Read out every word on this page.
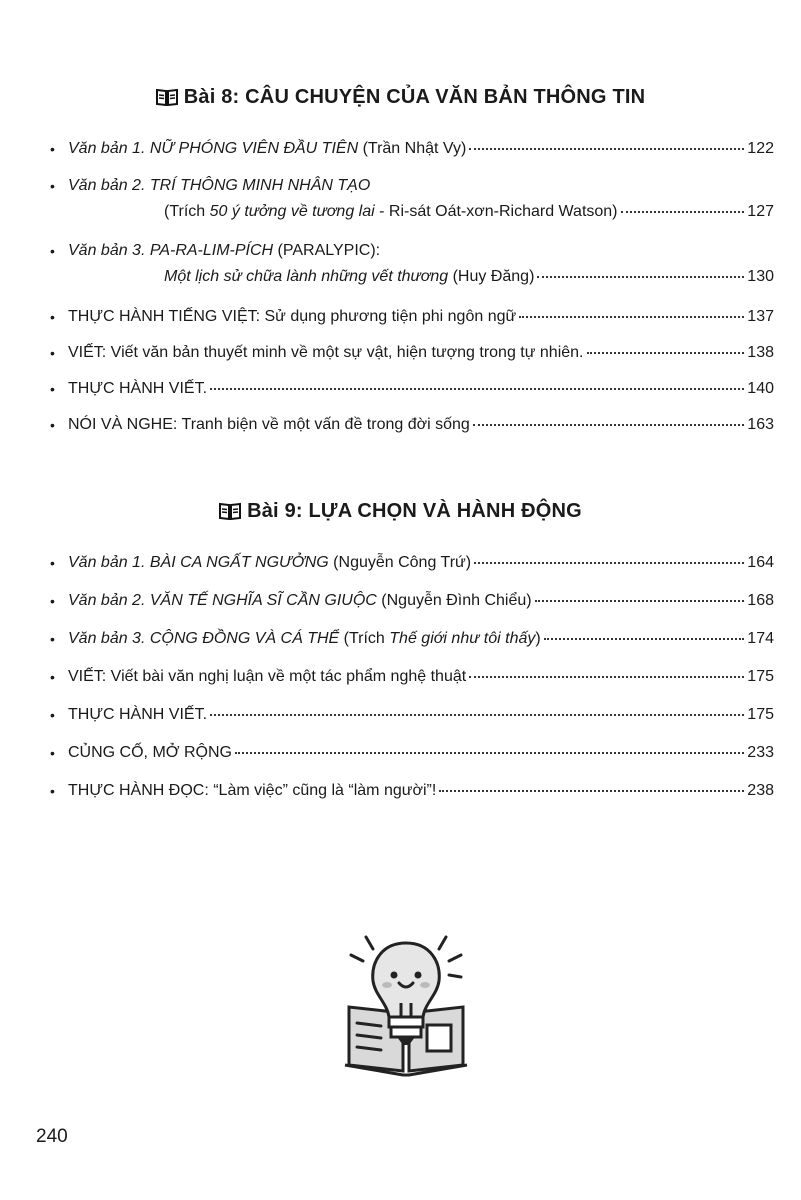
Bài 8: CÂU CHUYỆN CỦA VĂN BẢN THÔNG TIN
• Văn bản 1. NỮ PHÓNG VIÊN ĐẦU TIÊN (Trần Nhật Vy)	122
• Văn bản 2. TRÍ THÔNG MINH NHÂN TẠO
(Trích 50 ý tưởng về tương lai - Ri-sát Oát-xơn-Richard Watson)	127
• Văn bản 3. PA-RA-LIM-PÍCH (PARALYPIC):
Một lịch sử chữa lành những vết thương (Huy Đăng)	130
• THỰC HÀNH TIẾNG VIỆT: Sử dụng phương tiện phi ngôn ngữ	137
• VIẾT: Viết văn bản thuyết minh về một sự vật, hiện tượng trong tự nhiên.	138
• THỰC HÀNH VIẾT.	140
• NÓI VÀ NGHE: Tranh biện về một vấn đề trong đời sống	163
Bài 9: LỰA CHỌN VÀ HÀNH ĐỘNG
• Văn bản 1. BÀI CA NGẤT NGƯỞNG (Nguyễn Công Trứ)	164
• Văn bản 2. VĂN TẾ NGHĨA SĨ CẦN GIUỘC (Nguyễn Đình Chiểu)	168
• Văn bản 3. CỘNG ĐỒNG VÀ CÁ THỂ (Trích Thế giới như tôi thấy)	174
• VIẾT: Viết bài văn nghị luận về một tác phẩm nghệ thuật	175
• THỰC HÀNH VIẾT.	175
• CỦNG CỐ, MỞ RỘNG	233
• THỰC HÀNH ĐỌC: “Làm việc” cũng là “làm người”!	238
240
